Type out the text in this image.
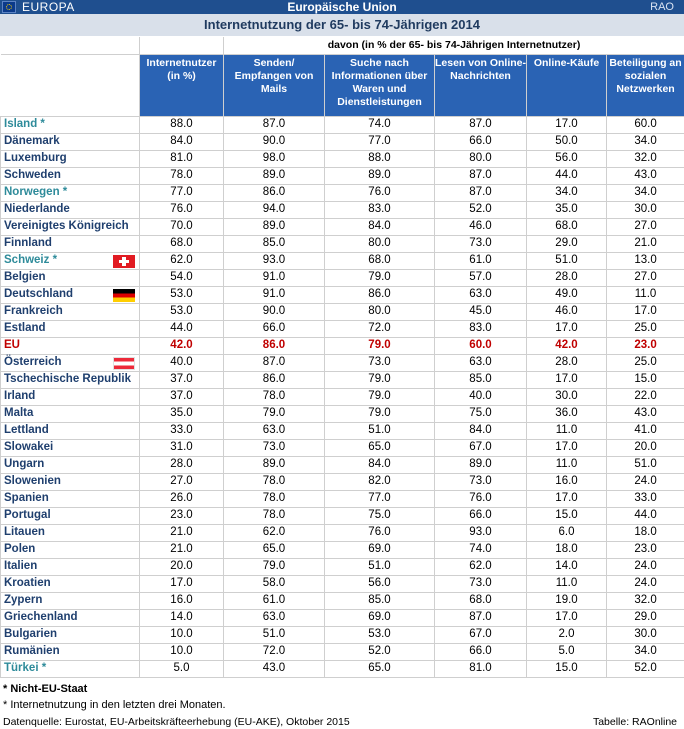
EUROPA	Europäische Union	RAO
Internetnutzung der 65- bis 74-Jährigen 2014
		davon (in % der 65- bis 74-Jährigen Internetnutzer)				
	Internetnutzer (in %)	Senden/ Empfangen von Mails	Suche nach Informationen über Waren und Dienstleistungen	Lesen von Online-Nachrichten	Online-Käufe	Beteiligung an sozialen Netzwerken
Island *	88.0	87.0	74.0	87.0	17.0	60.0
Dänemark	84.0	90.0	77.0	66.0	50.0	34.0
Luxemburg	81.0	98.0	88.0	80.0	56.0	32.0
Schweden	78.0	89.0	89.0	87.0	44.0	43.0
Norwegen *	77.0	86.0	76.0	87.0	34.0	34.0
Niederlande	76.0	94.0	83.0	52.0	35.0	30.0
Vereinigtes Königreich	70.0	89.0	84.0	46.0	68.0	27.0
Finnland	68.0	85.0	80.0	73.0	29.0	21.0
Schweiz *	62.0	93.0	68.0	61.0	51.0	13.0
Belgien	54.0	91.0	79.0	57.0	28.0	27.0
Deutschland	53.0	91.0	86.0	63.0	49.0	11.0
Frankreich	53.0	90.0	80.0	45.0	46.0	17.0
Estland	44.0	66.0	72.0	83.0	17.0	25.0
EU	42.0	86.0	79.0	60.0	42.0	23.0
Österreich	40.0	87.0	73.0	63.0	28.0	25.0
Tschechische Republik	37.0	86.0	79.0	85.0	17.0	15.0
Irland	37.0	78.0	79.0	40.0	30.0	22.0
Malta	35.0	79.0	79.0	75.0	36.0	43.0
Lettland	33.0	63.0	51.0	84.0	11.0	41.0
Slowakei	31.0	73.0	65.0	67.0	17.0	20.0
Ungarn	28.0	89.0	84.0	89.0	11.0	51.0
Slowenien	27.0	78.0	82.0	73.0	16.0	24.0
Spanien	26.0	78.0	77.0	76.0	17.0	33.0
Portugal	23.0	78.0	75.0	66.0	15.0	44.0
Litauen	21.0	62.0	76.0	93.0	6.0	18.0
Polen	21.0	65.0	69.0	74.0	18.0	23.0
Italien	20.0	79.0	51.0	62.0	14.0	24.0
Kroatien	17.0	58.0	56.0	73.0	11.0	24.0
Zypern	16.0	61.0	85.0	68.0	19.0	32.0
Griechenland	14.0	63.0	69.0	87.0	17.0	29.0
Bulgarien	10.0	51.0	53.0	67.0	2.0	30.0
Rumänien	10.0	72.0	52.0	66.0	5.0	34.0
Türkei *	5.0	43.0	65.0	81.0	15.0	52.0
* Nicht-EU-Staat
* Internetnutzung in den letzten drei Monaten.
Datenquelle: Eurostat, EU-Arbeitskräfteerhebung (EU-AKE), Oktober 2015	Tabelle: RAOnline
